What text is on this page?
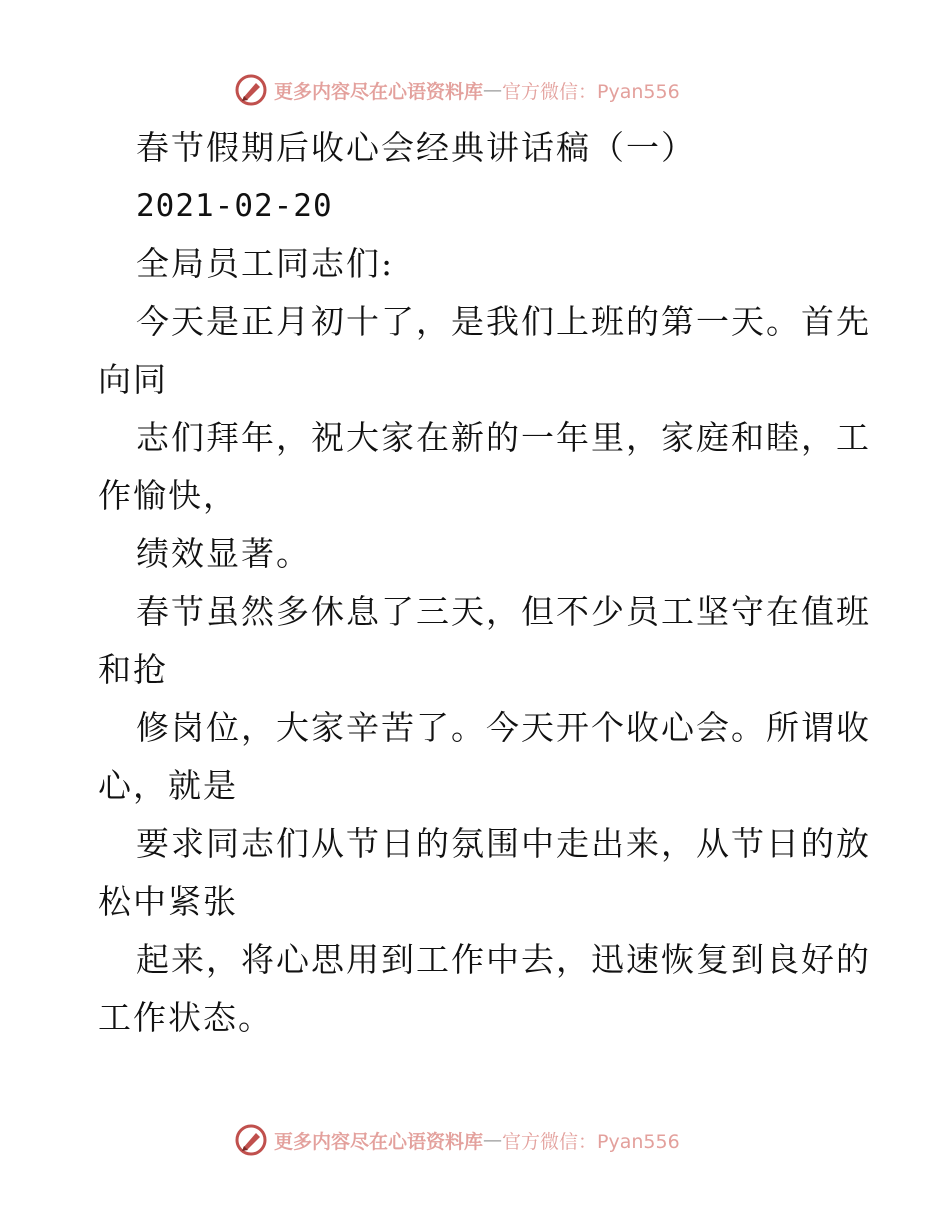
更多内容尽在心语资料库 — 官方微信：Pyan556
春节假期后收心会经典讲话稿（一）
2021-02-20
全局员工同志们:
今天是正月初十了，是我们上班的第一天。首先
向同
志们拜年，祝大家在新的一年里，家庭和睦，工
作愉快，
绩效显著。
春节虽然多休息了三天，但不少员工坚守在值班
和抢
修岗位，大家辛苦了。今天开个收心会。所谓收
心，就是
要求同志们从节日的氛围中走出来，从节日的放
松中紧张
起来，将心思用到工作中去，迅速恢复到良好的
工作状态。
更多内容尽在心语资料库 — 官方微信：Pyan556
